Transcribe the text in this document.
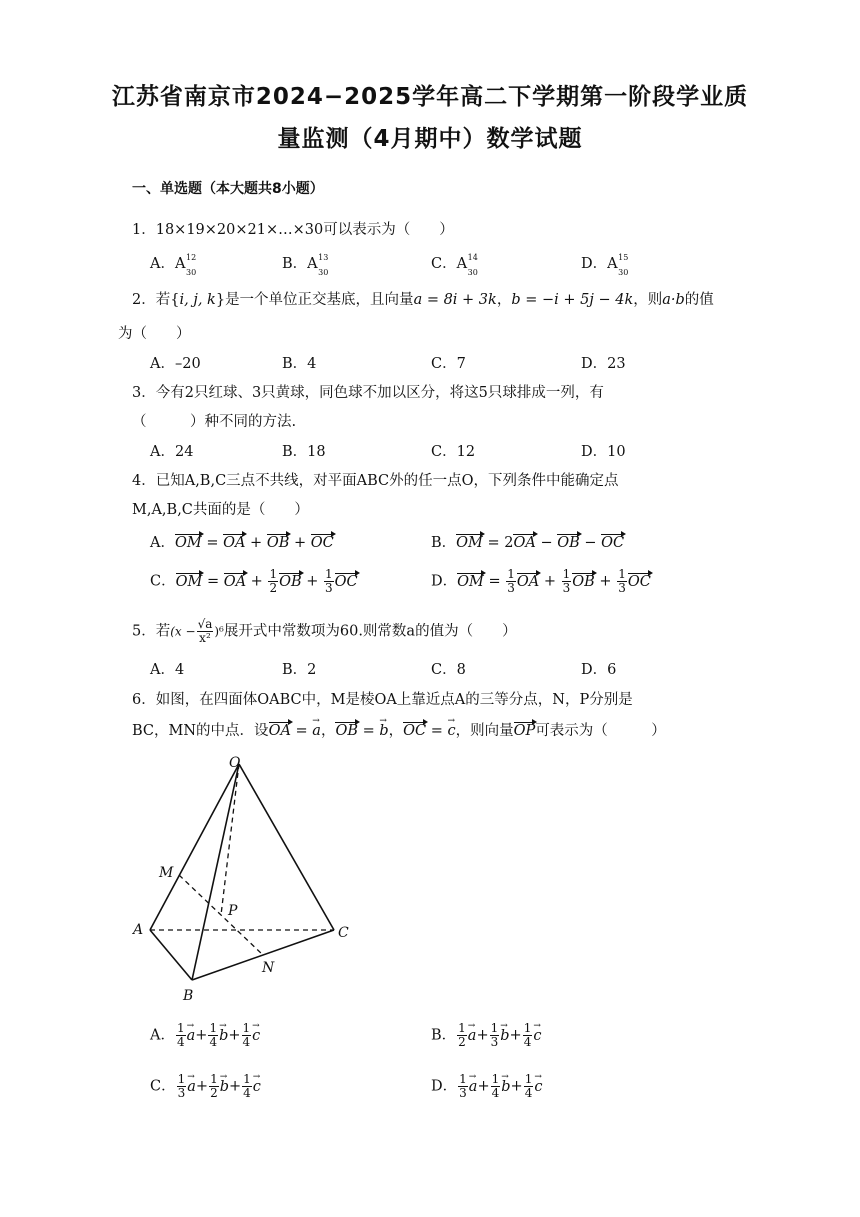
江苏省南京市2024−2025学年高二下学期第一阶段学业质
量监测（4月期中）数学试题
一、单选题（本大题共8小题）
1．18×19×20×21×…×30可以表示为（　　）
A．A 12
30
B．A 13
30
C．A 14
30
D．A 15
30
2．若{i, j, k}是一个单位正交基底，且向量a = 8i + 3k，b = −i + 5j − 4k，则a·b的值
为（　　）
A．–20	B．4	C．7	D．23
3．今有2只红球、3只黄球，同色球不加以区分，将这5只球排成一列，有
（　　　）种不同的方法.
A．24	B．18	C．12	D．10
4．已知A,B,C三点不共线，对平面ABC外的任一点O，下列条件中能确定点
M,A,B,C共面的是（　　）
A．OM = OA + OB + OC	B．OM = 2OA − OB − OC
C．OM = OA + $\frac{1}{2}$ OB + $\frac{1}{3}$ OC	D．OM = $\frac{1}{3}$ OA + $\frac{1}{3}$ OB + $\frac{1}{3}$ OC
5．若$(x - \frac{√a}{\text{x²}} )^6$展开式中常数项为60.则常数a的值为（　　）
A．4	B．2	C．8	D．6
6．如图，在四面体OABC中，M是棱OA上靠近点A的三等分点，N，P分别是
BC，MN的中点．设OA = a →，OB = b →，OC = c →，则向量OP可表示为（　　　）
O
M
P
A	C
N
B
A． $\frac{1}{4}$ $a \to+ \frac{1}{4}$ $b \to+ \frac{1}{4}$ c →	B． $\frac{1}{2}$ $a \to+ \frac{1}{3}$ $b \to+ \frac{1}{4}$ c →
C． $\frac{1}{3}$ $a \to+ \frac{1}{2}$ $b \to+ \frac{1}{4}$ c →	D． $\frac{1}{3}$ $a \to+ \frac{1}{4}$ $b \to+ \frac{1}{4}$ c →
